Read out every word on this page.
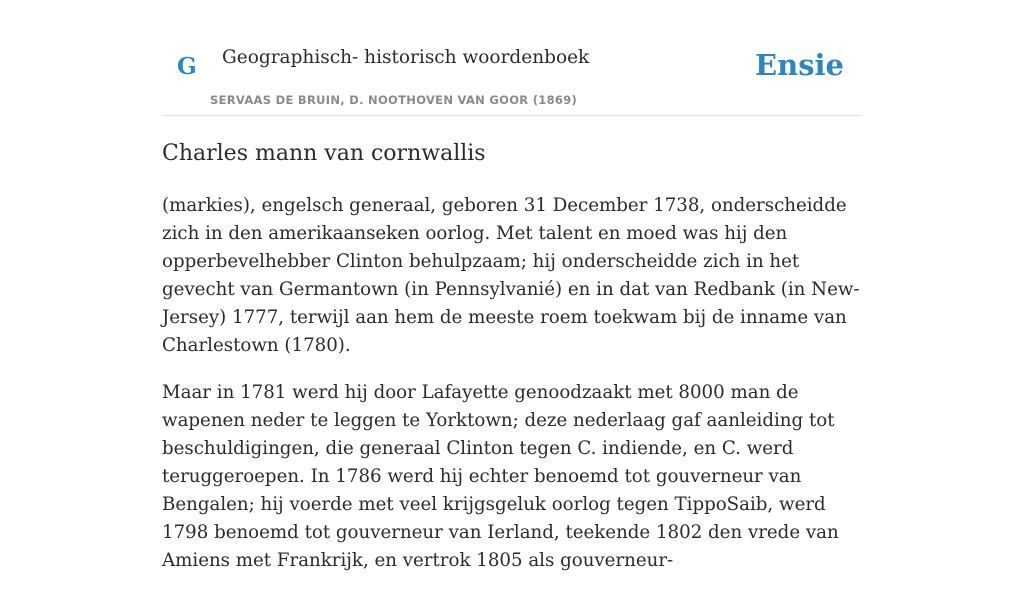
G Geographisch- historisch woordenboek
SERVAAS DE BRUIN, D. NOOTHOVEN VAN GOOR (1869)
Ensie
Charles mann van cornwallis

(markies), engelsch generaal, geboren 31 December 1738, onderscheidde zich in den amerikaanseken oorlog. Met talent en moed was hij den opperbevelhebber Clinton behulpzaam; hij onderscheidde zich in het gevecht van Germantown (in Pennsylvanié) en in dat van Redbank (in New-Jersey) 1777, terwijl aan hem de meeste roem toekwam bij de inname van Charlestown (1780).

Maar in 1781 werd hij door Lafayette genoodzaakt met 8000 man de wapenen neder te leggen te Yorktown; deze nederlaag gaf aanleiding tot beschuldigingen, die generaal Clinton tegen C. indiende, en C. werd teruggeroepen. In 1786 werd hij echter benoemd tot gouverneur van Bengalen; hij voerde met veel krijgsgeluk oorlog tegen TippoSaib, werd 1798 benoemd tot gouverneur van Ierland, teekende 1802 den vrede van Amiens met Frankrijk, en vertrok 1805 als gouverneur-
